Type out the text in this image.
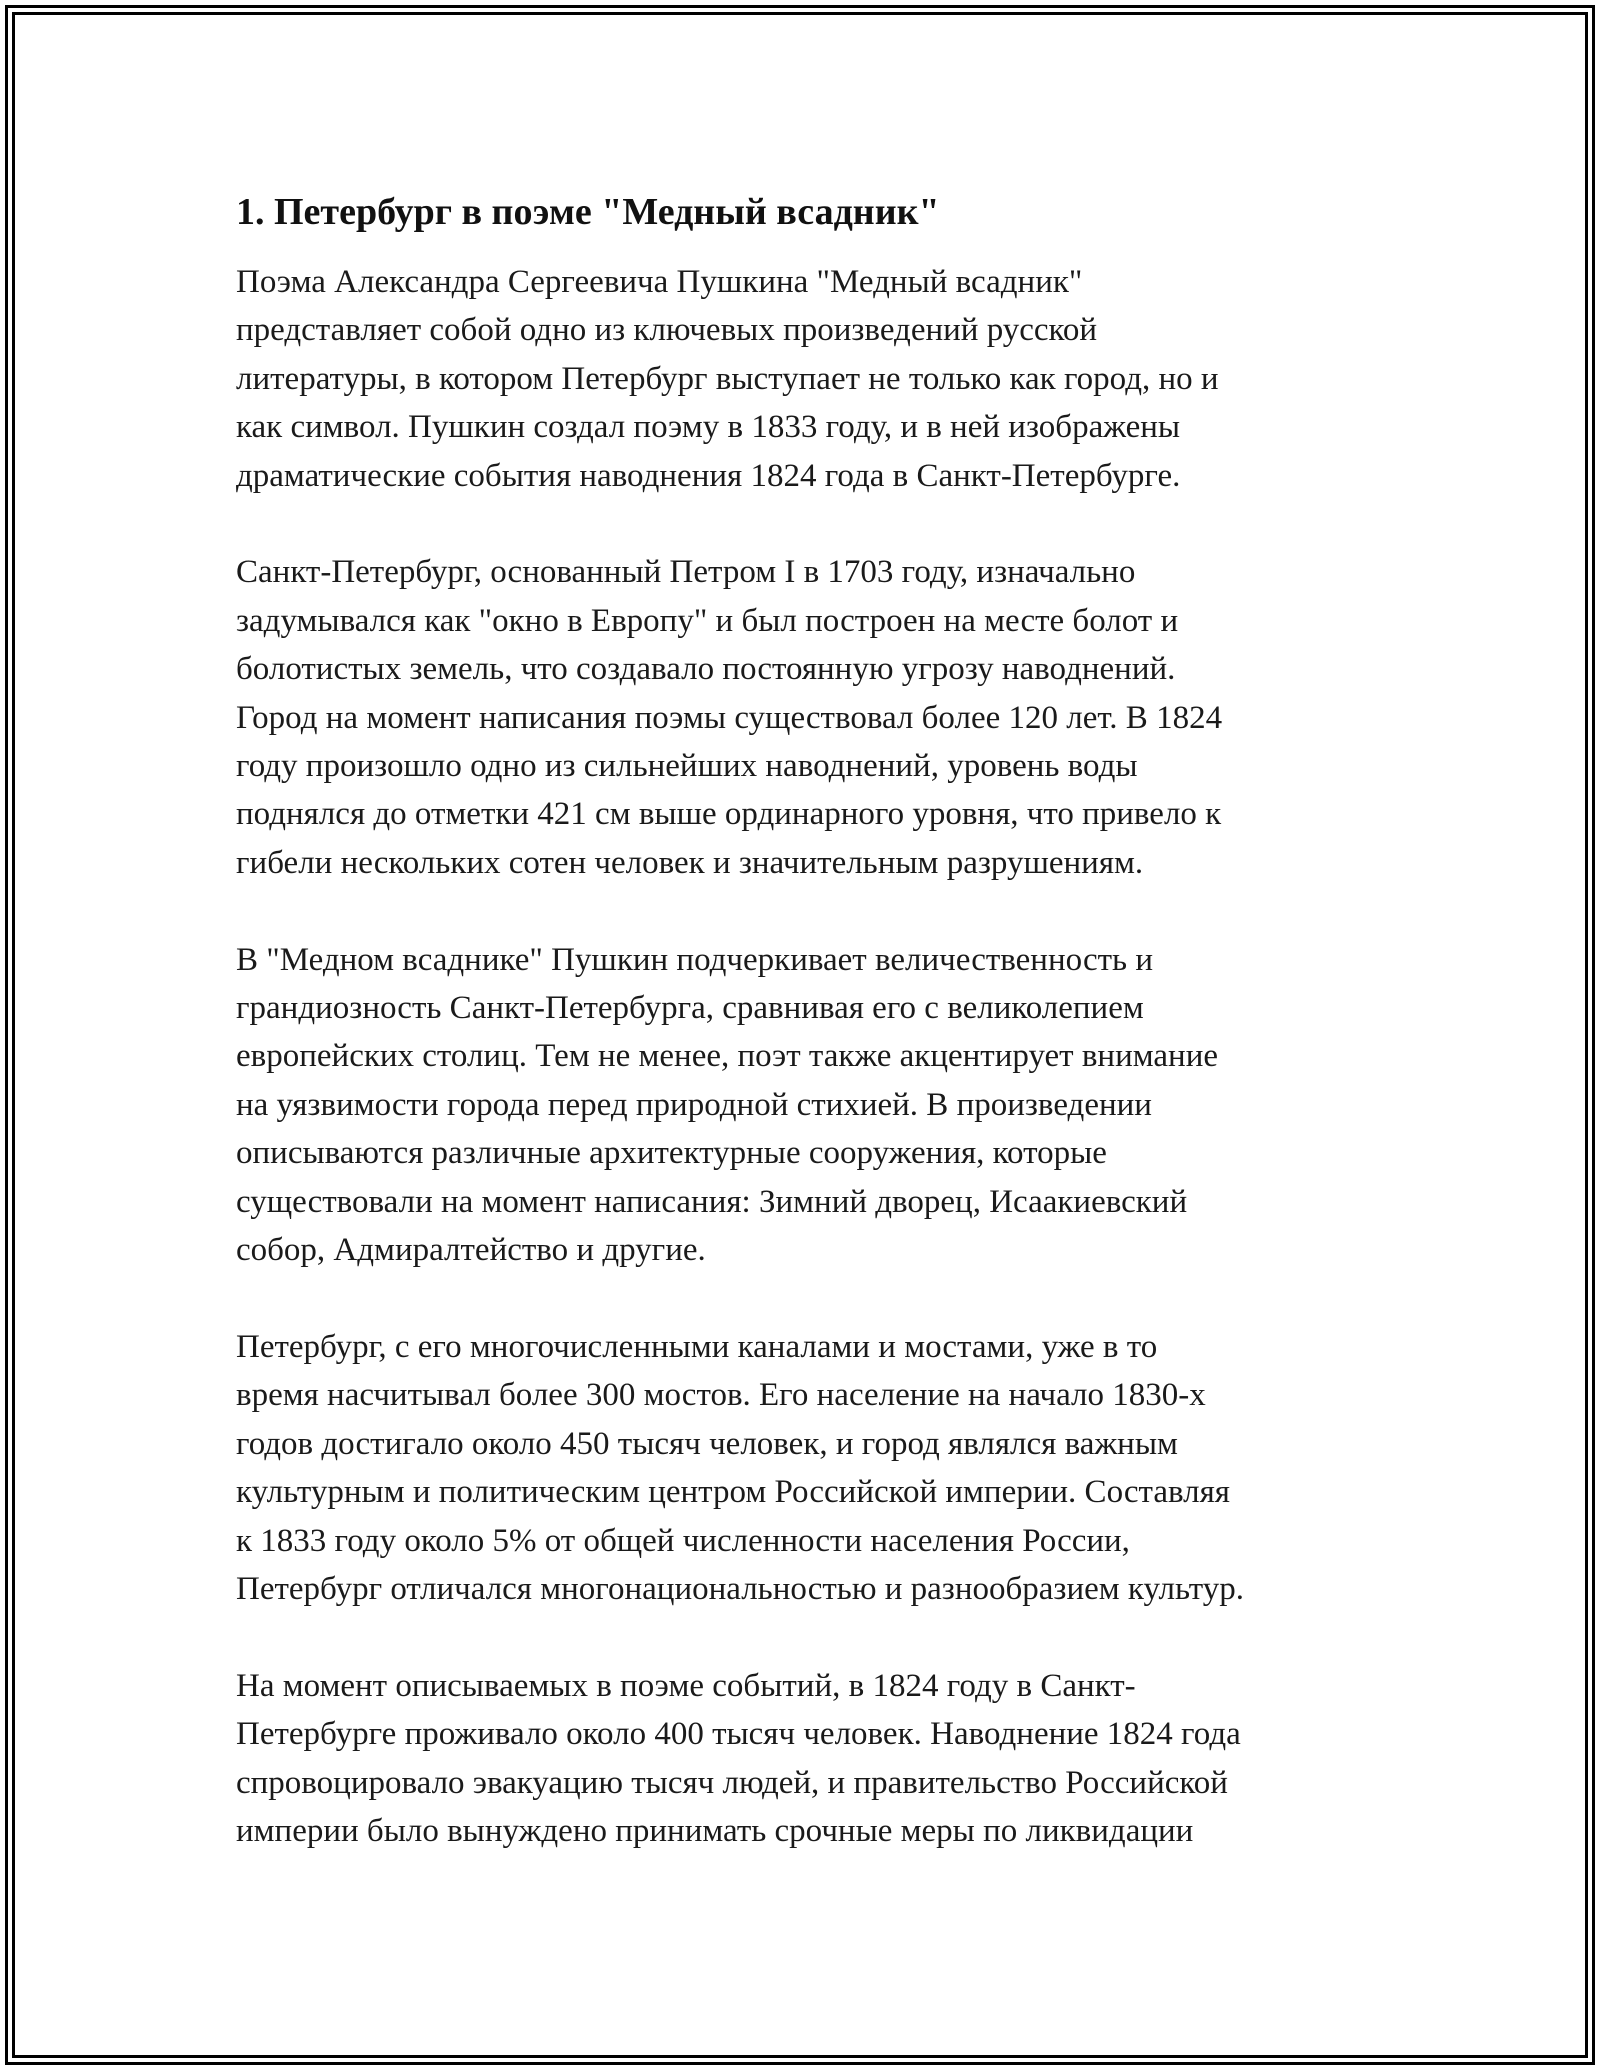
1. Петербург в поэме "Медный всадник"

Поэма Александра Сергеевича Пушкина "Медный всадник"
представляет собой одно из ключевых произведений русской
литературы, в котором Петербург выступает не только как город, но и
как символ. Пушкин создал поэму в 1833 году, и в ней изображены
драматические события наводнения 1824 года в Санкт-Петербурге.

Санкт-Петербург, основанный Петром I в 1703 году, изначально
задумывался как "окно в Европу" и был построен на месте болот и
болотистых земель, что создавало постоянную угрозу наводнений.
Город на момент написания поэмы существовал более 120 лет. В 1824
году произошло одно из сильнейших наводнений, уровень воды
поднялся до отметки 421 см выше ординарного уровня, что привело к
гибели нескольких сотен человек и значительным разрушениям.

В "Медном всаднике" Пушкин подчеркивает величественность и
грандиозность Санкт-Петербурга, сравнивая его с великолепием
европейских столиц. Тем не менее, поэт также акцентирует внимание
на уязвимости города перед природной стихией. В произведении
описываются различные архитектурные сооружения, которые
существовали на момент написания: Зимний дворец, Исаакиевский
собор, Адмиралтейство и другие.

Петербург, с его многочисленными каналами и мостами, уже в то
время насчитывал более 300 мостов. Его население на начало 1830-х
годов достигало около 450 тысяч человек, и город являлся важным
культурным и политическим центром Российской империи. Составляя
к 1833 году около 5% от общей численности населения России,
Петербург отличался многонациональностью и разнообразием культур.

На момент описываемых в поэме событий, в 1824 году в Санкт-
Петербурге проживало около 400 тысяч человек. Наводнение 1824 года
спровоцировало эвакуацию тысяч людей, и правительство Российской
империи было вынуждено принимать срочные меры по ликвидации
